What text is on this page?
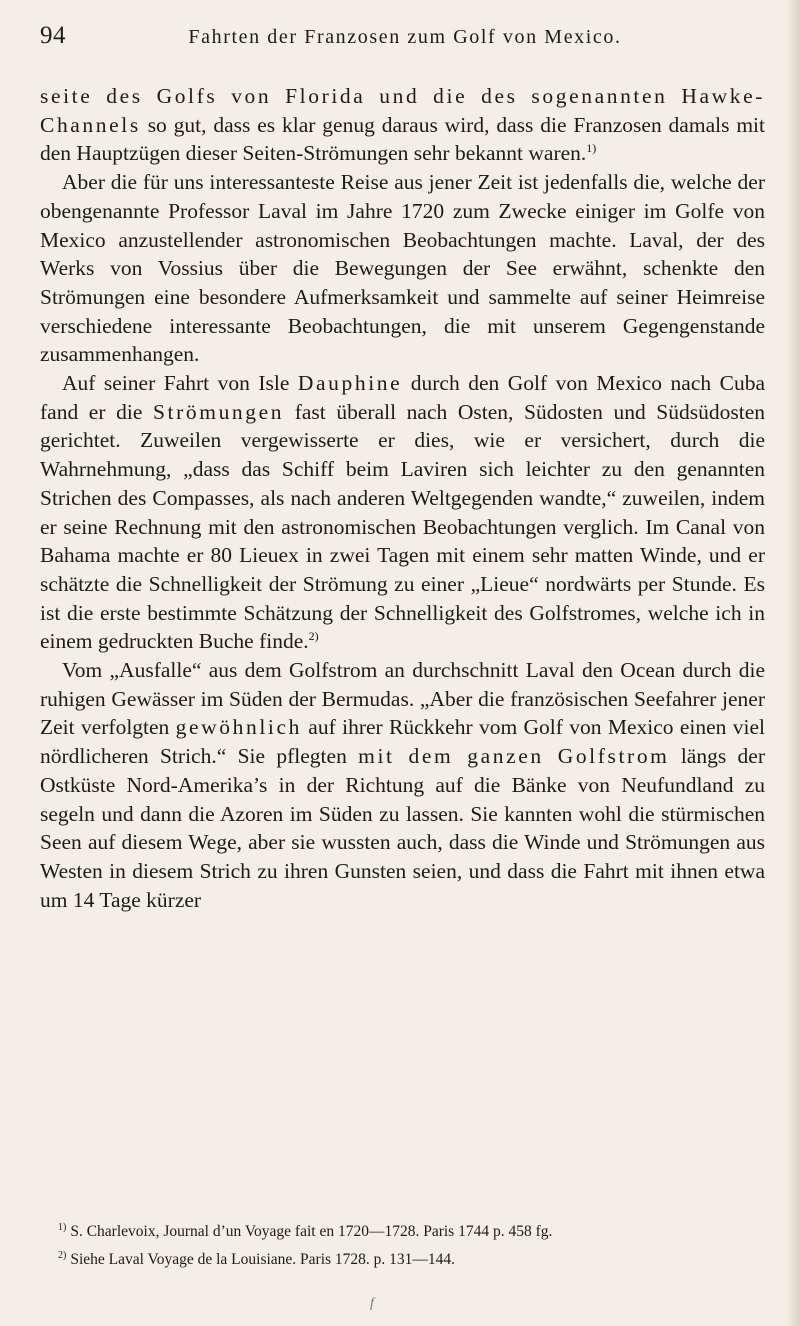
94	Fahrten der Franzosen zum Golf von Mexico.

seite des Golfs von Florida und die des sogenannten Hawke-Channels so gut, dass es klar genug daraus wird, dass die Franzosen damals mit den Hauptzügen dieser Seiten-Strömungen sehr bekannt waren.$^{1)}$

Aber die für uns interessanteste Reise aus jener Zeit ist jedenfalls die, welche der obengenannte Professor Laval im Jahre 1720 zum Zwecke einiger im Golfe von Mexico anzustellender astronomischen Beobachtungen machte. Laval, der des Werks von Vossius über die Bewegungen der See erwähnt, schenkte den Strömungen eine besondere Aufmerksamkeit und sammelte auf seiner Heimreise verschiedene interessante Beobachtungen, die mit unserem Gegengenstande zusammenhangen.

Auf seiner Fahrt von Isle Dauphine durch den Golf von Mexico nach Cuba fand er die Strömungen fast überall nach Osten, Südosten und Südsüdosten gerichtet. Zuweilen vergewisserte er dies, wie er versichert, durch die Wahrnehmung, „dass das Schiff beim Laviren sich leichter zu den genannten Strichen des Compasses, als nach anderen Weltgegenden wandte,“ zuweilen, indem er seine Rechnung mit den astronomischen Beobachtungen verglich. Im Canal von Bahama machte er 80 Lieuex in zwei Tagen mit einem sehr matten Winde, und er schätzte die Schnelligkeit der Strömung zu einer „Lieue“ nordwärts per Stunde. Es ist die erste bestimmte Schätzung der Schnelligkeit des Golfstromes, welche ich in einem gedruckten Buche finde.$^{2)}$

Vom „Ausfalle“ aus dem Golfstrom an durchschnitt Laval den Ocean durch die ruhigen Gewässer im Süden der Bermudas. „Aber die französischen Seefahrer jener Zeit verfolgten gewöhnlich auf ihrer Rückkehr vom Golf von Mexico einen viel nördlicheren Strich.“ Sie pflegten mit dem ganzen Golfstrom längs der Ostküste Nord-Amerika’s in der Richtung auf die Bänke von Neufundland zu segeln und dann die Azoren im Süden zu lassen. Sie kannten wohl die stürmischen Seen auf diesem Wege, aber sie wussten auch, dass die Winde und Strömungen aus Westen in diesem Strich zu ihren Gunsten seien, und dass die Fahrt mit ihnen etwa um 14 Tage kürzer

$^{1)}$ S. Charlevoix, Journal d’un Voyage fait en 1720—1728. Paris 1744 p. 458 fg.
$^{2)}$ Siehe Laval Voyage de la Louisiane. Paris 1728. p. 131—144.
f
